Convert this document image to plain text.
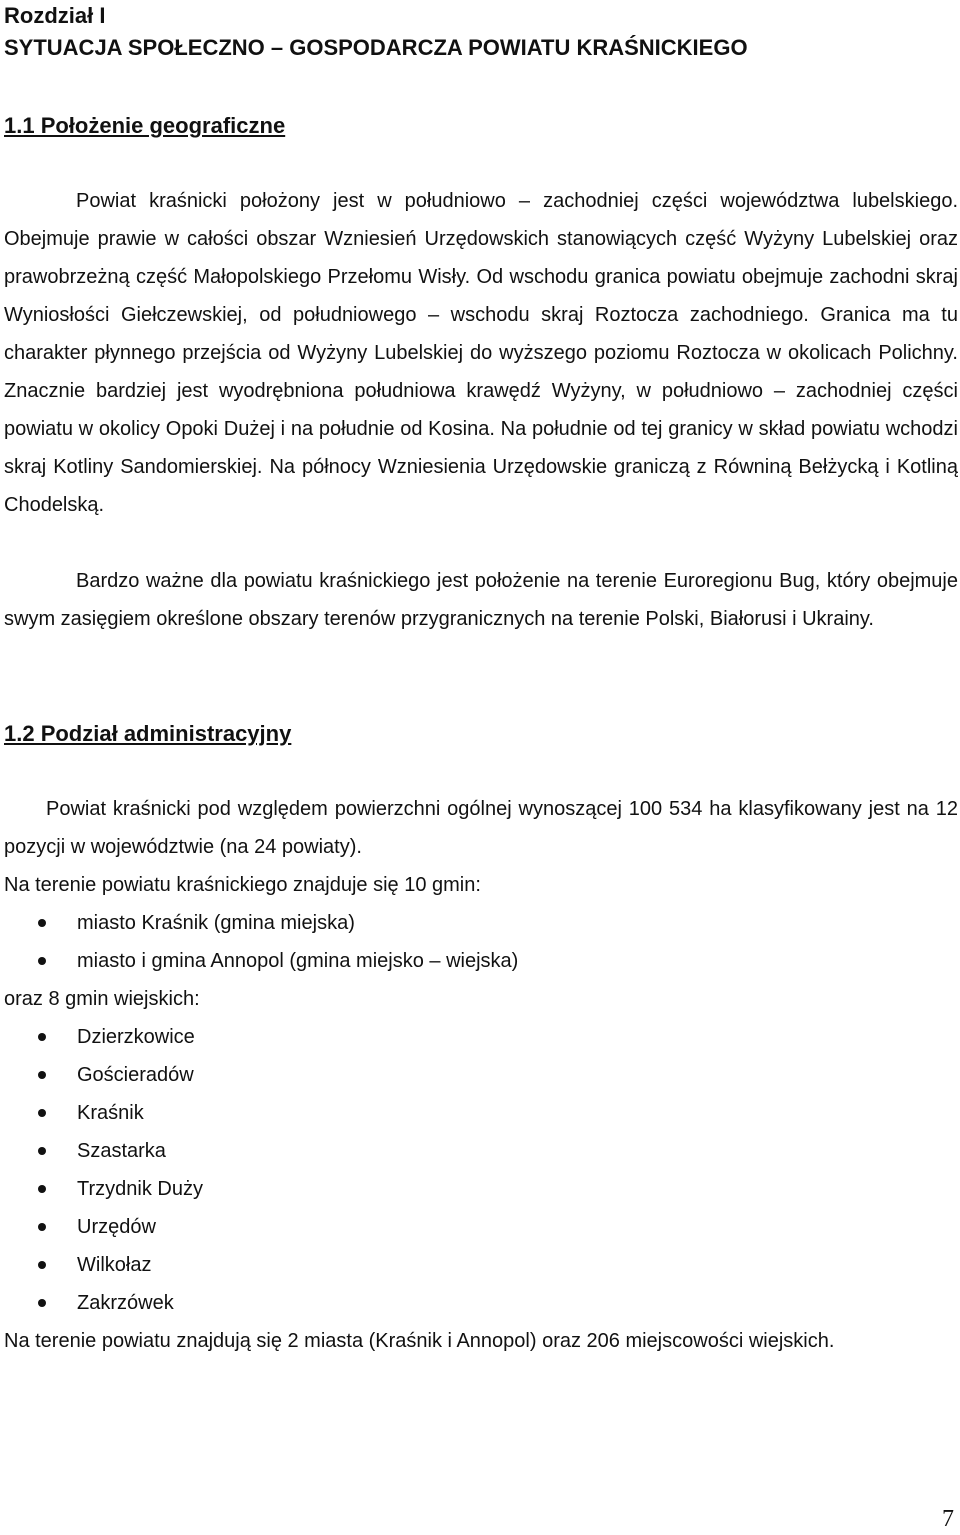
Rozdział I
SYTUACJA SPOŁECZNO – GOSPODARCZA POWIATU KRAŚNICKIEGO
1.1 Położenie geograficzne

Powiat kraśnicki położony jest w południowo – zachodniej części województwa lubelskiego. Obejmuje prawie w całości obszar Wzniesień Urzędowskich stanowiących część Wyżyny Lubelskiej oraz prawobrzeżną część Małopolskiego Przełomu Wisły. Od wschodu granica powiatu obejmuje zachodni skraj Wyniosłości Giełczewskiej, od południowego – wschodu skraj Roztocza zachodniego. Granica ma tu charakter płynnego przejścia od Wyżyny Lubelskiej do wyższego poziomu Roztocza w okolicach Polichny. Znacznie bardziej jest wyodrębniona południowa krawędź Wyżyny, w południowo – zachodniej części powiatu w okolicy Opoki Dużej i na południe od Kosina. Na południe od tej granicy w skład powiatu wchodzi skraj Kotliny Sandomierskiej. Na północy Wzniesienia Urzędowskie graniczą z Równiną Bełżycką i Kotliną Chodelską.

Bardzo ważne dla powiatu kraśnickiego jest położenie na terenie Euroregionu Bug, który obejmuje swym zasięgiem określone obszary terenów przygranicznych na terenie Polski, Białorusi i Ukrainy.

1.2 Podział administracyjny

Powiat kraśnicki pod względem powierzchni ogólnej wynoszącej 100 534 ha klasyfikowany jest na 12 pozycji w województwie (na 24 powiaty).

Na terenie powiatu kraśnickiego znajduje się 10 gmin:

miasto Kraśnik (gmina miejska)
miasto i gmina Annopol (gmina miejsko – wiejska)

oraz 8 gmin wiejskich:

Dzierzkowice
Gościeradów
Kraśnik
Szastarka
Trzydnik Duży
Urzędów
Wilkołaz
Zakrzówek

Na terenie powiatu znajdują się 2 miasta (Kraśnik i Annopol) oraz 206 miejscowości wiejskich.

7
